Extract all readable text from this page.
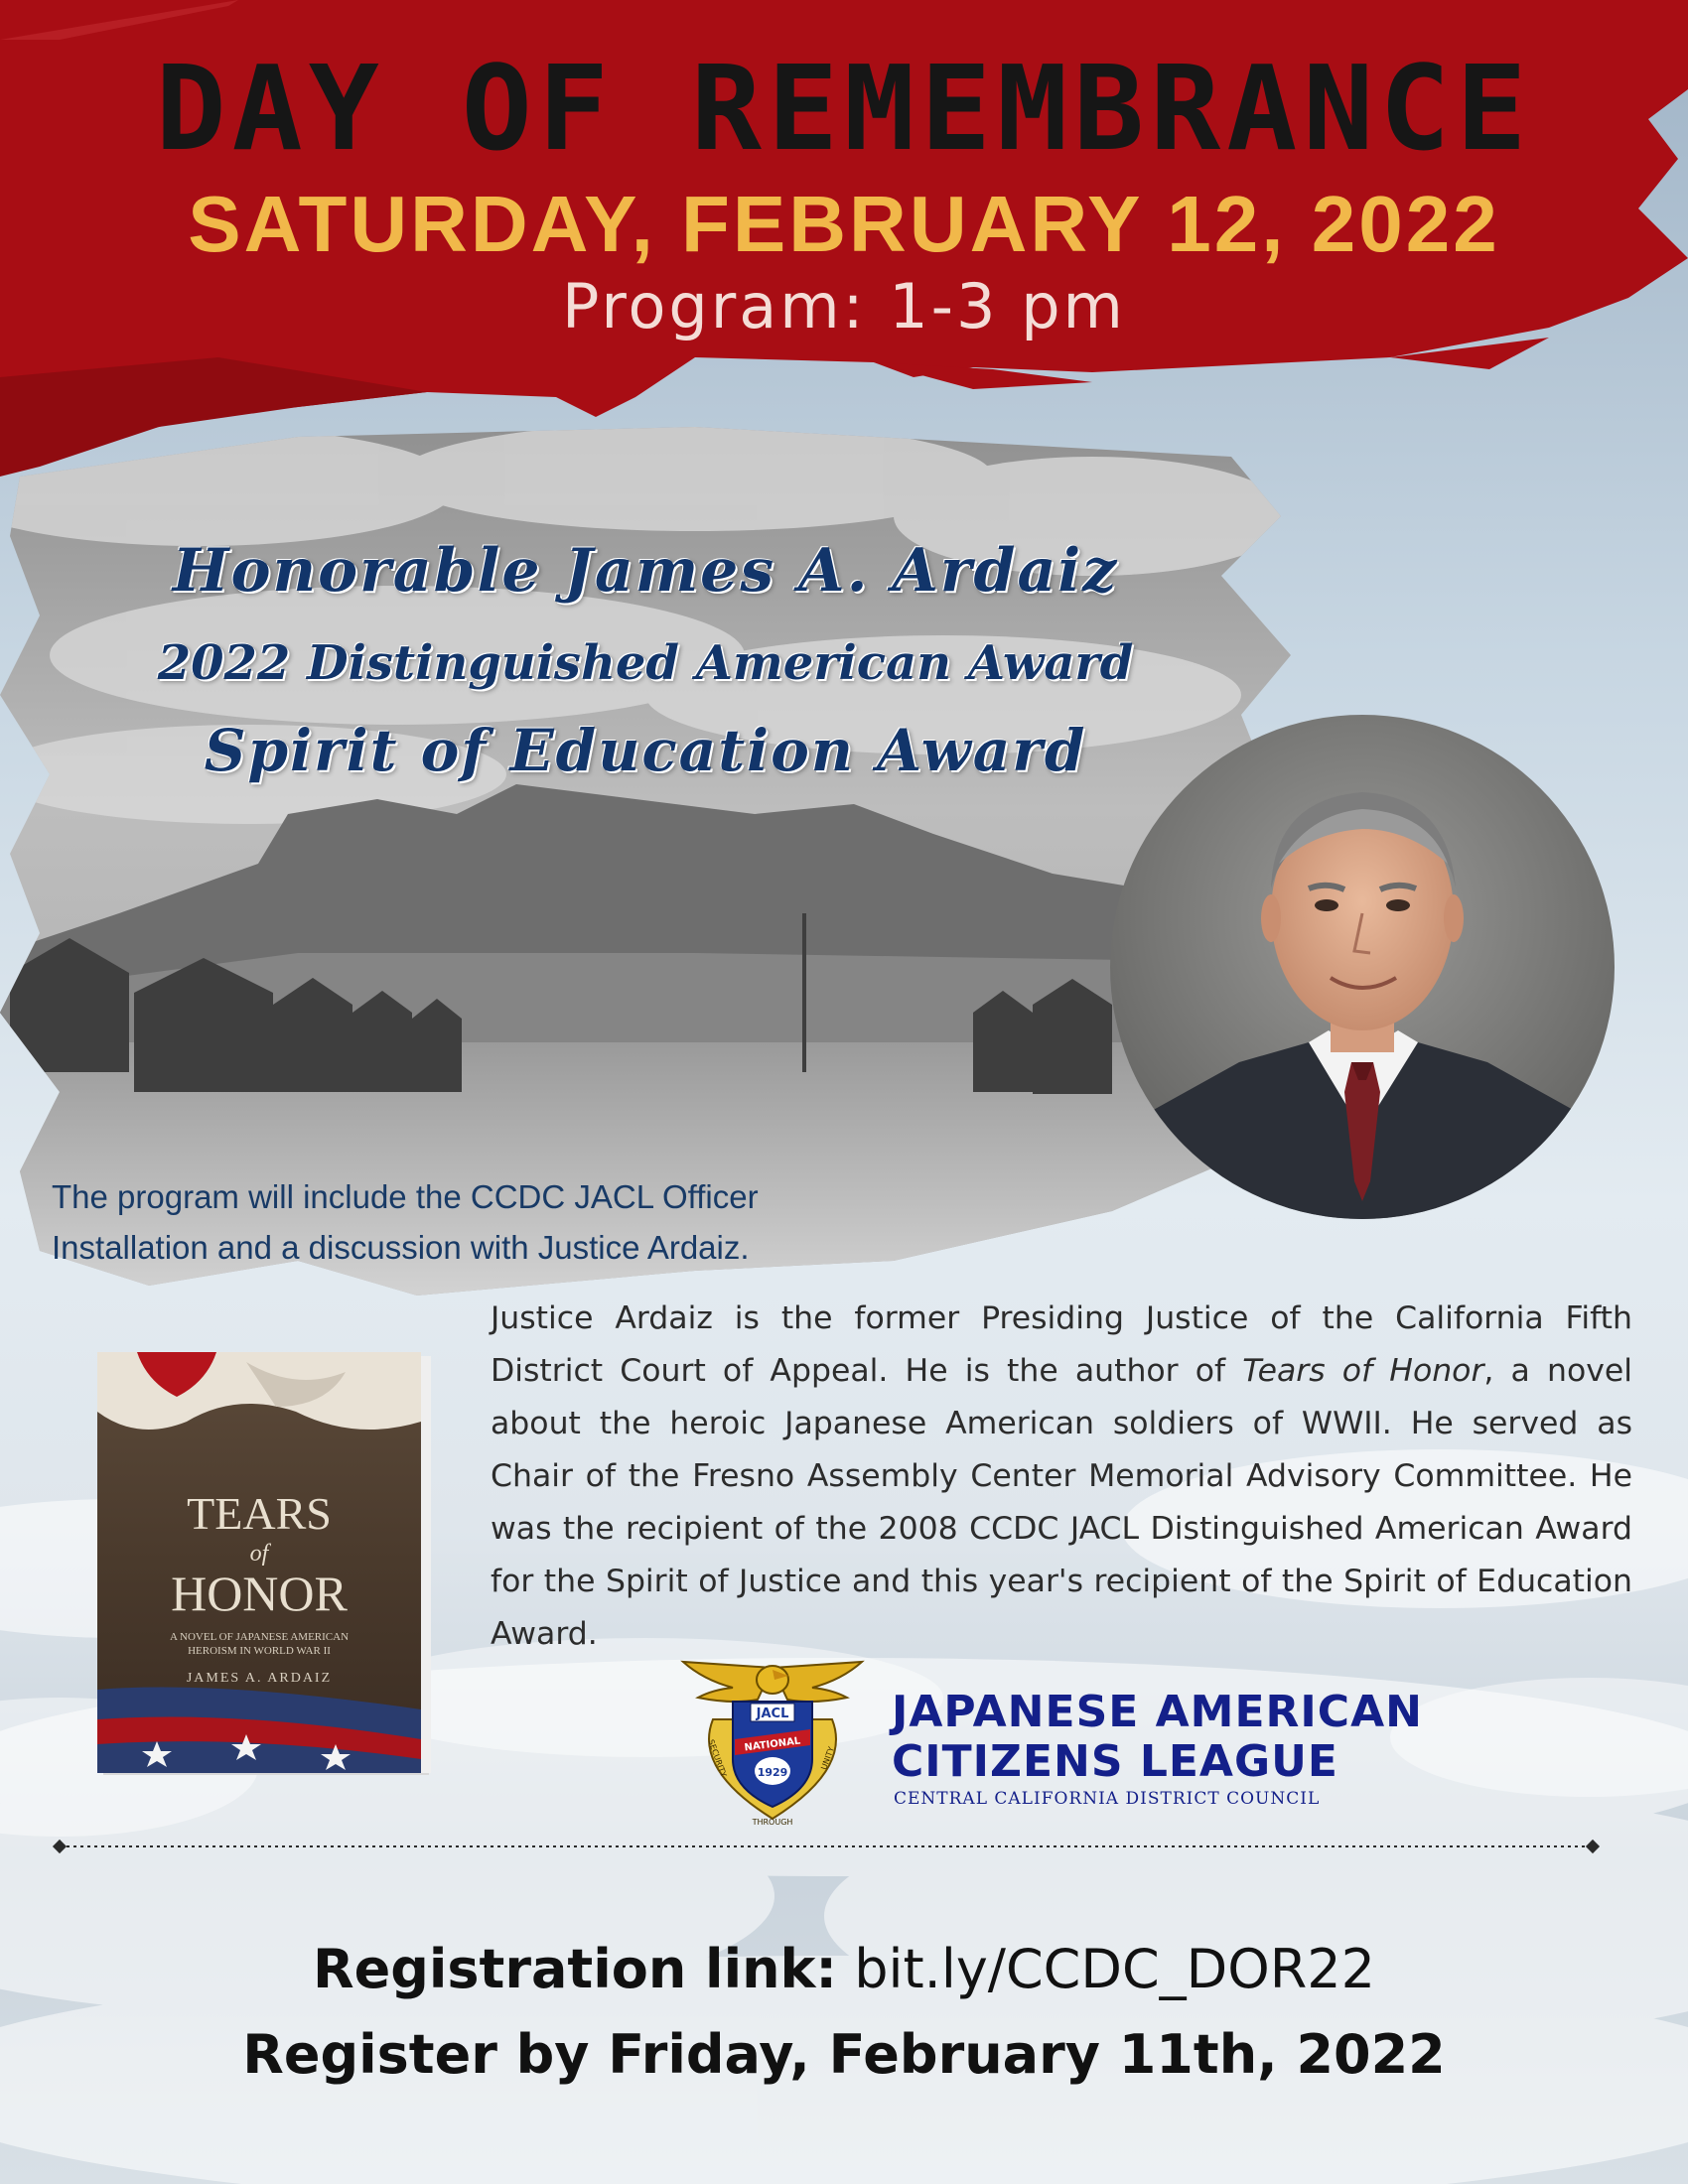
DAY OF REMEMBRANCE
SATURDAY, FEBRUARY 12, 2022
Program: 1-3 pm
Honorable James A. Ardaiz
2022 Distinguished American Award
Spirit of Education Award
The program will include the CCDC JACL Officer Installation and a discussion with Justice Ardaiz.
Justice Ardaiz is the former Presiding Justice of the California Fifth District Court of Appeal. He is the author of Tears of Honor, a novel about the heroic Japanese American soldiers of WWII. He served as Chair of the Fresno Assembly Center Memorial Advisory Committee. He was the recipient of the 2008 CCDC JACL Distinguished American Award for the Spirit of Justice and this year's recipient of the Spirit of Education Award.
TEARS
of
HONOR
A NOVEL OF JAPANESE AMERICAN
HEROISM IN WORLD WAR II
JAMES A. ARDAIZ
JACL
NATIONAL
1929
SECURITY
THROUGH
UNITY
JAPANESE AMERICAN
CITIZENS LEAGUE
CENTRAL CALIFORNIA DISTRICT COUNCIL
Registration link: bit.ly/CCDC_DOR22
Register by Friday, February 11th, 2022
